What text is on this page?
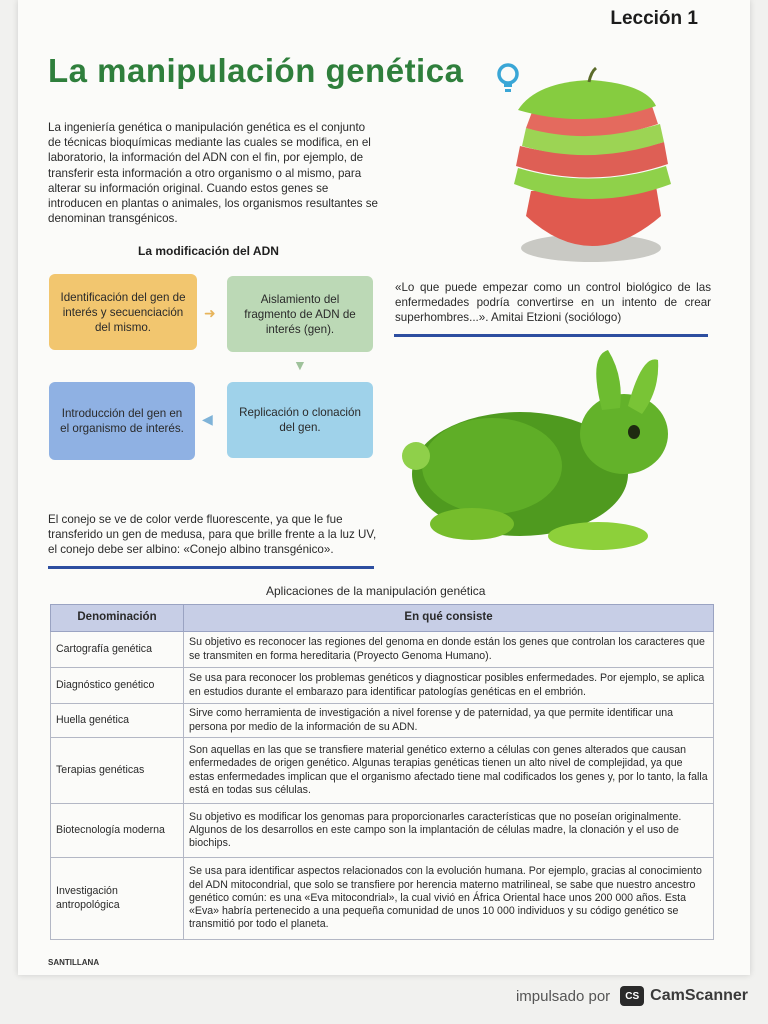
Lección 1
La manipulación genética

La ingeniería genética o manipulación genética es el conjunto de técnicas bioquímicas mediante las cuales se modifica, en el laboratorio, la información del ADN con el fin, por ejemplo, de transferir esta información a otro organismo o al mismo, para alterar su información original. Cuando estos genes se introducen en plantas o animales, los organismos resultantes se denominan transgénicos.

La modificación del ADN
Identificación del gen de interés y secuenciación del mismo.
➜
Aislamiento del fragmento de ADN de interés (gen).
▼
Replicación o clonación del gen.
◀
Introducción del gen en el organismo de interés.

«Lo que puede empezar como un control biológico de las enfermedades podría convertirse en un intento de crear superhombres...». Amitai Etzioni (sociólogo)

El conejo se ve de color verde fluorescente, ya que le fue transferido un gen de medusa, para que brille frente a la luz UV, el conejo debe ser albino: «Conejo albino transgénico».

Aplicaciones de la manipulación genética
Denominación	En qué consiste
Cartografía genética	Su objetivo es reconocer las regiones del genoma en donde están los genes que controlan los caracteres que se transmiten en forma hereditaria (Proyecto Genoma Humano).
Diagnóstico genético	Se usa para reconocer los problemas genéticos y diagnosticar posibles enfermedades. Por ejemplo, se aplica en estudios durante el embarazo para identificar patologías genéticas en el embrión.
Huella genética	Sirve como herramienta de investigación a nivel forense y de paternidad, ya que permite identificar una persona por medio de la información de su ADN.
Terapias genéticas	Son aquellas en las que se transfiere material genético externo a células con genes alterados que causan enfermedades de origen genético. Algunas terapias genéticas tienen un alto nivel de complejidad, ya que estas enfermedades implican que el organismo afectado tiene mal codificados los genes y, por lo tanto, la falla está en todas sus células.
Biotecnología moderna	Su objetivo es modificar los genomas para proporcionarles características que no poseían originalmente. Algunos de los desarrollos en este campo son la implantación de células madre, la clonación y el uso de biochips.
Investigación antropológica	Se usa para identificar aspectos relacionados con la evolución humana. Por ejemplo, gracias al conocimiento del ADN mitocondrial, que solo se transfiere por herencia materno matrilineal, se sabe que nuestro ancestro genético común: es una «Eva mitocondrial», la cual vivió en África Oriental hace unos 200 000 años. Esta «Eva» habría pertenecido a una pequeña comunidad de unos 10 000 individuos y su código genético se transmitió por todo el planeta.
SANTILLANA
impulsado por	CS CamScanner
